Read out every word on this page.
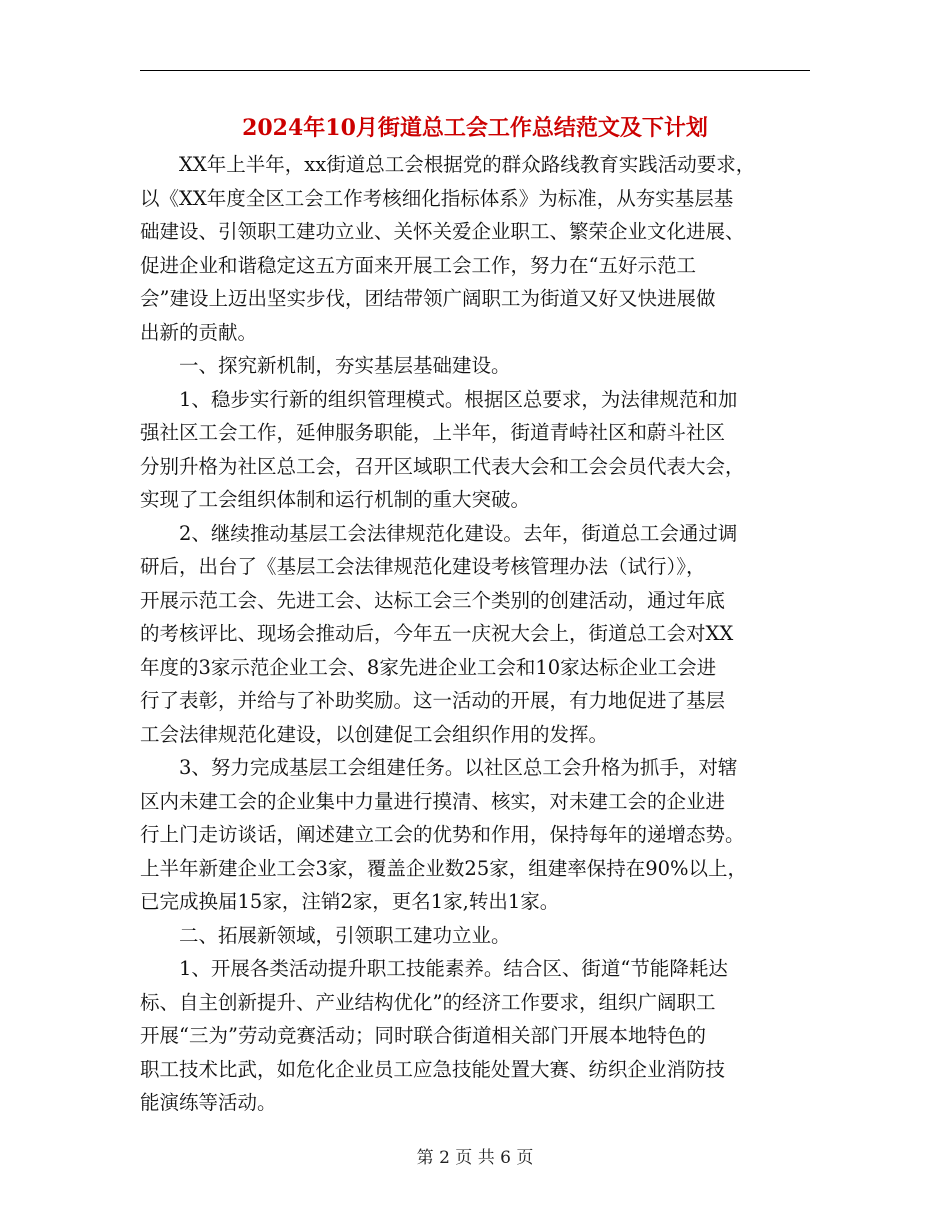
2024年10月街道总工会工作总结范文及下计划

XX年上半年，xx街道总工会根据党的群众路线教育实践活动要求，
以《XX年度全区工会工作考核细化指标体系》为标准，从夯实基层基
础建设、引领职工建功立业、关怀关爱企业职工、繁荣企业文化进展、
促进企业和谐稳定这五方面来开展工会工作，努力在“五好示范工
会”建设上迈出坚实步伐，团结带领广阔职工为街道又好又快进展做
出新的贡献。

一、探究新机制，夯实基层基础建设。

1、稳步实行新的组织管理模式。根据区总要求，为法律规范和加
强社区工会工作，延伸服务职能，上半年，街道青峙社区和蔚斗社区
分别升格为社区总工会，召开区域职工代表大会和工会会员代表大会，
实现了工会组织体制和运行机制的重大突破。

2、继续推动基层工会法律规范化建设。去年，街道总工会通过调
研后，出台了《基层工会法律规范化建设考核管理办法（试行）》，
开展示范工会、先进工会、达标工会三个类别的创建活动，通过年底
的考核评比、现场会推动后，今年五一庆祝大会上，街道总工会对XX
年度的3家示范企业工会、8家先进企业工会和10家达标企业工会进
行了表彰，并给与了补助奖励。这一活动的开展，有力地促进了基层
工会法律规范化建设，以创建促工会组织作用的发挥。

3、努力完成基层工会组建任务。以社区总工会升格为抓手，对辖
区内未建工会的企业集中力量进行摸清、核实，对未建工会的企业进
行上门走访谈话，阐述建立工会的优势和作用，保持每年的递增态势。
上半年新建企业工会3家，覆盖企业数25家，组建率保持在90%以上，
已完成换届15家，注销2家，更名1家,转出1家。

二、拓展新领域，引领职工建功立业。

1、开展各类活动提升职工技能素养。结合区、街道“节能降耗达
标、自主创新提升、产业结构优化”的经济工作要求，组织广阔职工
开展“三为”劳动竞赛活动；同时联合街道相关部门开展本地特色的
职工技术比武，如危化企业员工应急技能处置大赛、纺织企业消防技
能演练等活动。

第 2 页 共 6 页
